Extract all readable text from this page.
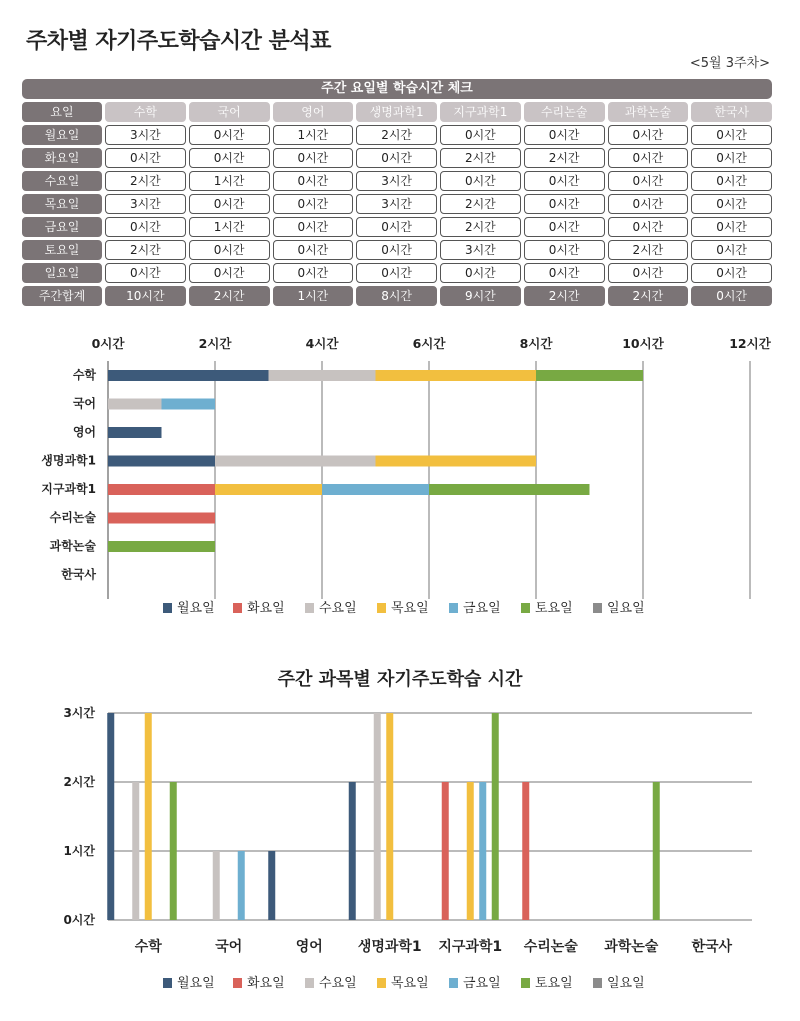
주차별 자기주도학습시간 분석표
<5월 3주차>
주간 요일별 학습시간 체크
요일	수학	국어	영어	생명과학1	지구과학1	수리논술	과학논술	한국사
월요일	3시간	0시간	1시간	2시간	0시간	0시간	0시간	0시간
화요일	0시간	0시간	0시간	0시간	2시간	2시간	0시간	0시간
수요일	2시간	1시간	0시간	3시간	0시간	0시간	0시간	0시간
목요일	3시간	0시간	0시간	3시간	2시간	0시간	0시간	0시간
금요일	0시간	1시간	0시간	0시간	2시간	0시간	0시간	0시간
토요일	2시간	0시간	0시간	0시간	3시간	0시간	2시간	0시간
일요일	0시간	0시간	0시간	0시간	0시간	0시간	0시간	0시간
주간합계	10시간	2시간	1시간	8시간	9시간	2시간	2시간	0시간
0시간	2시간	4시간	6시간	8시간	10시간	12시간
수학
국어
영어
생명과학1
지구과학1
수리논술
과학논술
한국사
월요일 화요일	수요일	목요일	금요일	토요일	일요일
주간 과목별 자기주도학습 시간
0시간
1시간
2시간
3시간
수학	국어	영어	생명과학1 지구과학1 수리논술 과학논술 한국사
월요일 화요일	수요일	목요일	금요일	토요일	일요일
